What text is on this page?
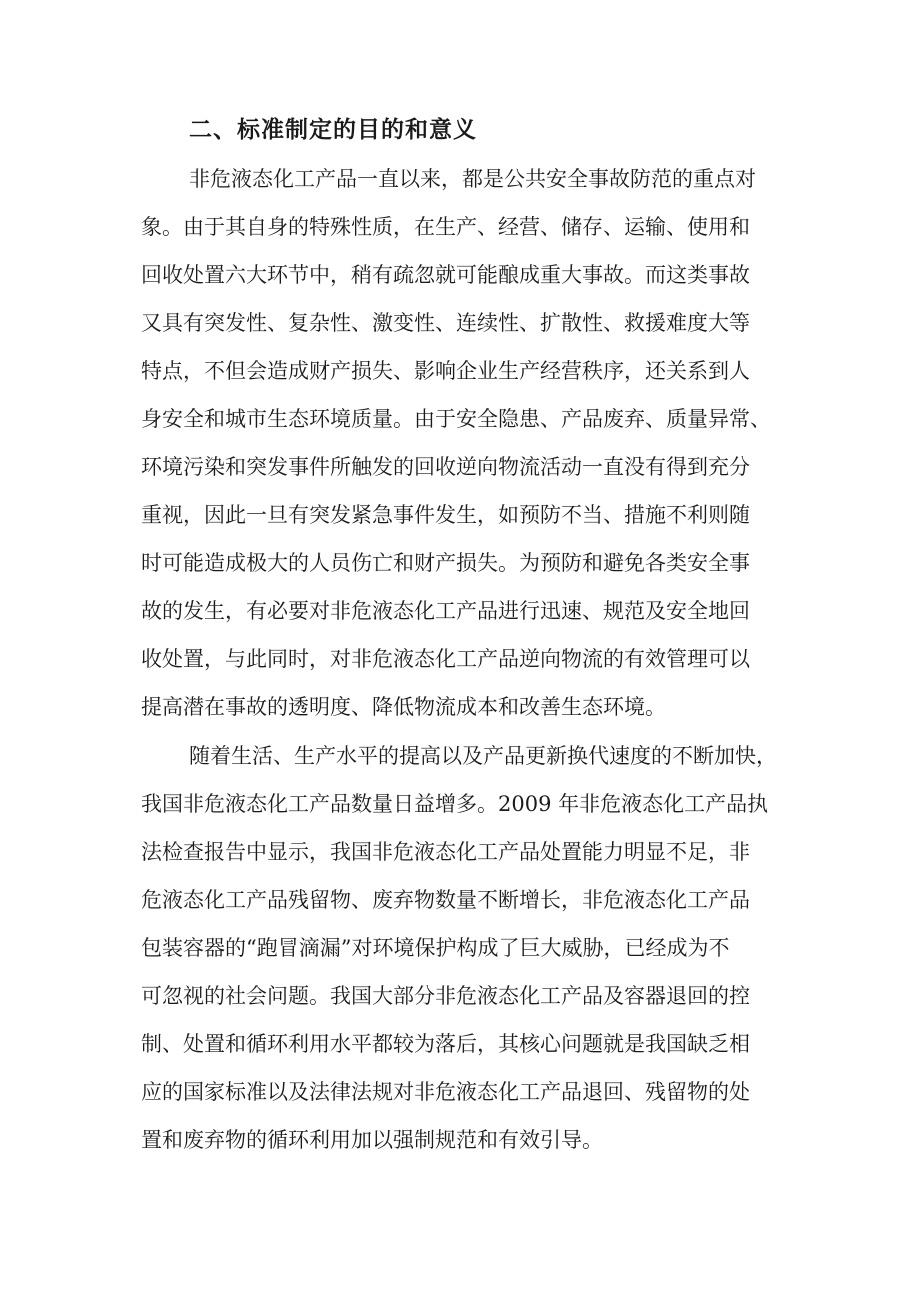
二、标准制定的目的和意义
非危液态化工产品一直以来，都是公共安全事故防范的重点对
象。由于其自身的特殊性质，在生产、经营、储存、运输、使用和
回收处置六大环节中，稍有疏忽就可能酿成重大事故。而这类事故
又具有突发性、复杂性、激变性、连续性、扩散性、救援难度大等
特点，不但会造成财产损失、影响企业生产经营秩序，还关系到人
身安全和城市生态环境质量。由于安全隐患、产品废弃、质量异常、
环境污染和突发事件所触发的回收逆向物流活动一直没有得到充分
重视，因此一旦有突发紧急事件发生，如预防不当、措施不利则随
时可能造成极大的人员伤亡和财产损失。为预防和避免各类安全事
故的发生，有必要对非危液态化工产品进行迅速、规范及安全地回
收处置，与此同时，对非危液态化工产品逆向物流的有效管理可以
提高潜在事故的透明度、降低物流成本和改善生态环境。
随着生活、生产水平的提高以及产品更新换代速度的不断加快，
我国非危液态化工产品数量日益增多。2009 年非危液态化工产品执
法检查报告中显示，我国非危液态化工产品处置能力明显不足，非
危液态化工产品残留物、废弃物数量不断增长，非危液态化工产品
包装容器的“跑冒滴漏”对环境保护构成了巨大威胁，已经成为不
可忽视的社会问题。我国大部分非危液态化工产品及容器退回的控
制、处置和循环利用水平都较为落后，其核心问题就是我国缺乏相
应的国家标准以及法律法规对非危液态化工产品退回、残留物的处
置和废弃物的循环利用加以强制规范和有效引导。
